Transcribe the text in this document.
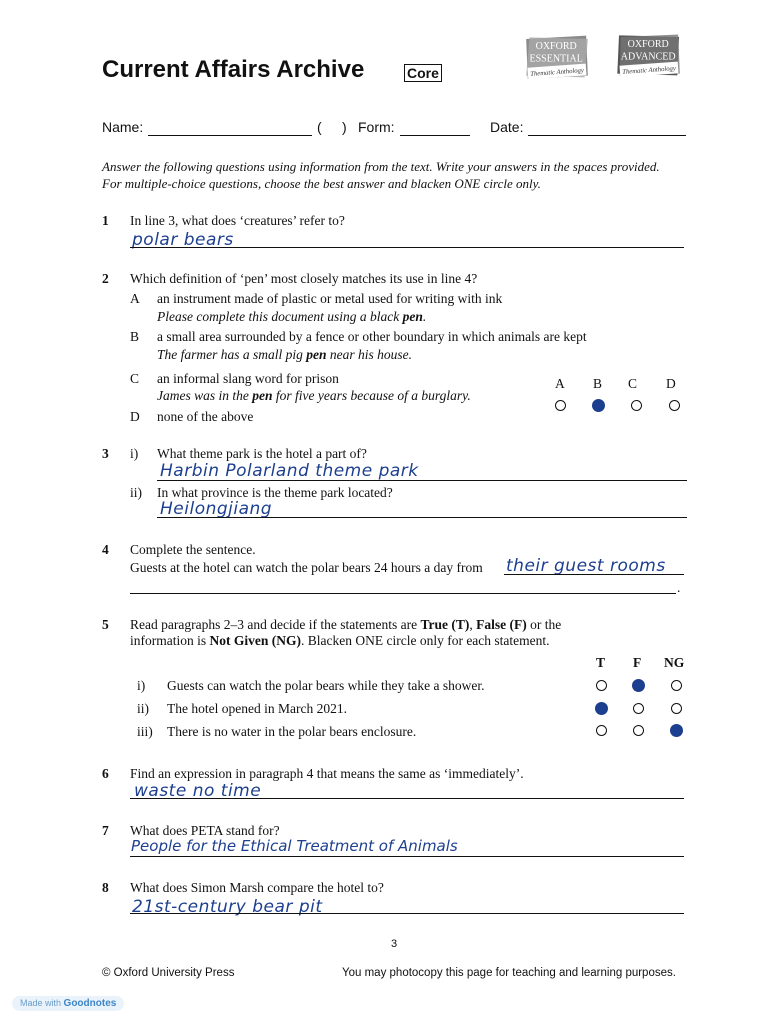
Current Affairs Archive	Core
OXFORD
ESSENTIAL
Thematic Anthology
OXFORD
ADVANCED
Thematic Anthology
Name:	( ) Form:	Date:
Answer the following questions using information from the text. Write your answers in the spaces provided. For multiple-choice questions, choose the best answer and blacken ONE circle only.
1 In line 3, what does ‘creatures’ refer to?
polar bears
2 Which definition of ‘pen’ most closely matches its use in line 4?
A an instrument made of plastic or metal used for writing with ink
Please complete this document using a black pen.
B a small area surrounded by a fence or other boundary in which animals are kept
The farmer has a small pig pen near his house.
C an informal slang word for prison
James was in the pen for five years because of a burglary.
D none of the above
A B C D
3 i) What theme park is the hotel a part of?
Harbin Polarland theme park
ii) In what province is the theme park located?
Heilongjiang
4 Complete the sentence.
Guests at the hotel can watch the polar bears 24 hours a day from their guest rooms
.
5 Read paragraphs 2–3 and decide if the statements are True (T), False (F) or the
information is Not Given (NG). Blacken ONE circle only for each statement.
T F NG
i) Guests can watch the polar bears while they take a shower.
ii) The hotel opened in March 2021.
iii) There is no water in the polar bears enclosure.
6 Find an expression in paragraph 4 that means the same as ‘immediately’.
waste no time
7 What does PETA stand for?
People for the Ethical Treatment of Animals
8 What does Simon Marsh compare the hotel to?
21st-century bear pit
3
© Oxford University Press	You may photocopy this page for teaching and learning purposes.
Made with Goodnotes
